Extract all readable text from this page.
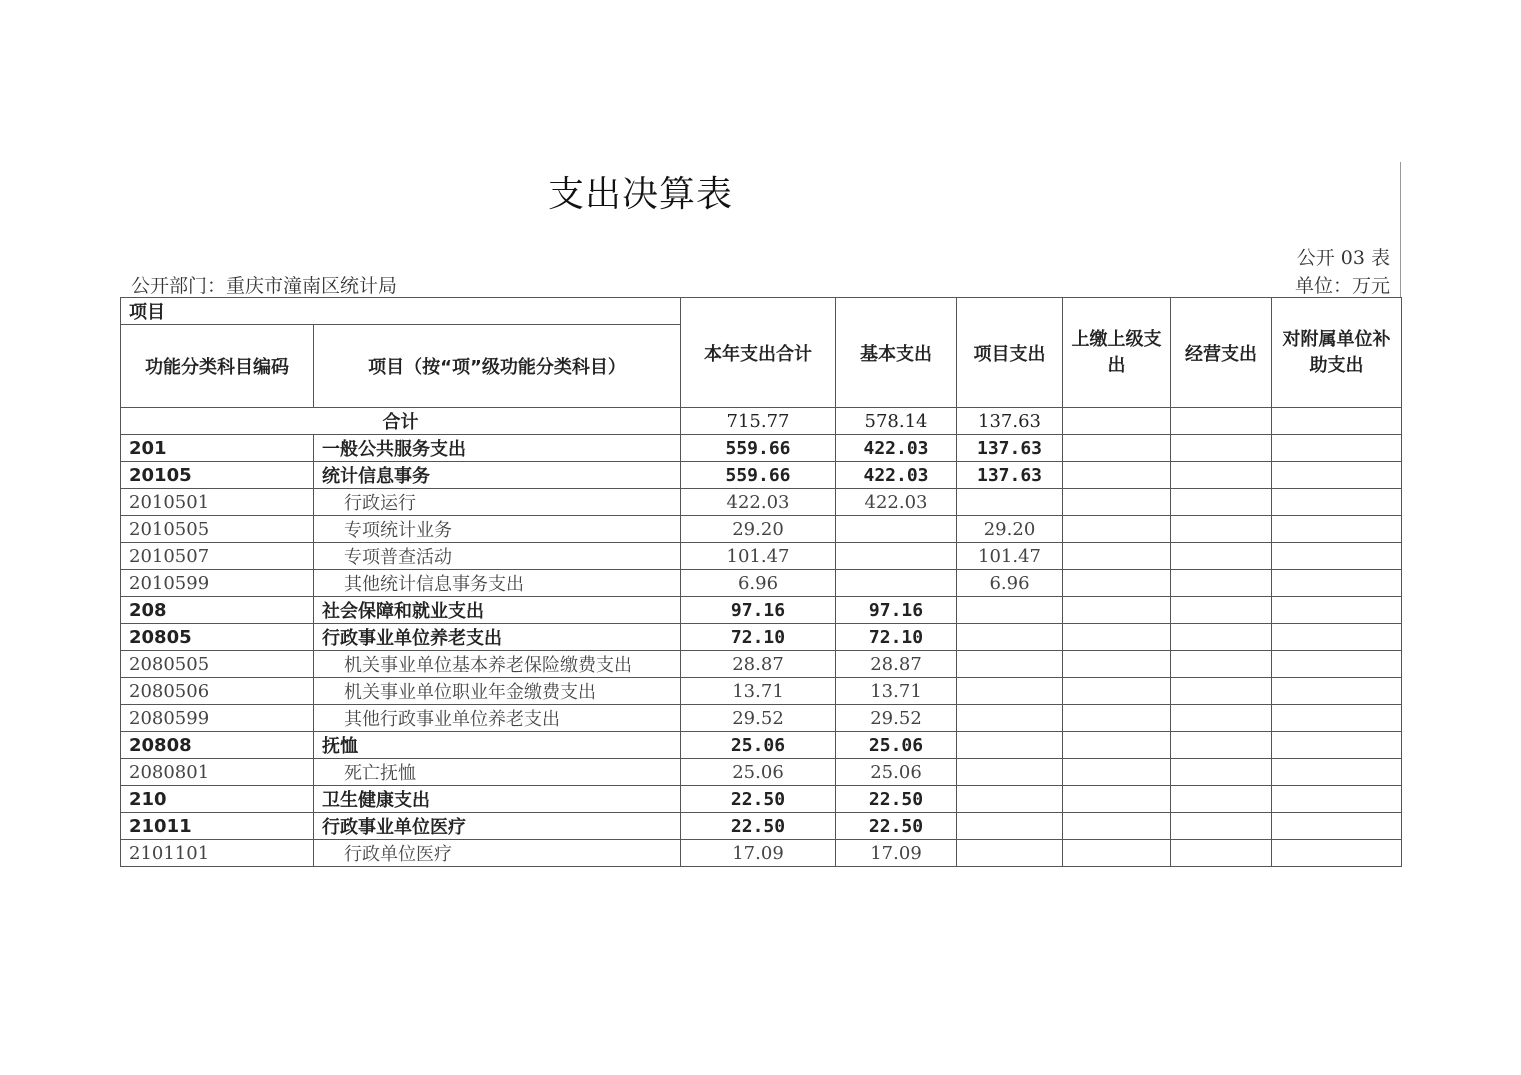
支出决算表
公开 03 表
公开部门：重庆市潼南区统计局	单位：万元
项目		本年支出合计	基本支出	项目支出	上缴上级支出	经营支出	对附属单位补助支出
功能分类科目编码	项目（按“项”级功能分类科目）						
合计		715.77	578.14	137.63			
201	一般公共服务支出	559.66	422.03	137.63			
20105	统计信息事务	559.66	422.03	137.63			
2010501	行政运行	422.03	422.03				
2010505	专项统计业务	29.20		29.20			
2010507	专项普查活动	101.47		101.47			
2010599	其他统计信息事务支出	6.96		6.96			
208	社会保障和就业支出	97.16	97.16				
20805	行政事业单位养老支出	72.10	72.10				
2080505	机关事业单位基本养老保险缴费支出	28.87	28.87				
2080506	机关事业单位职业年金缴费支出	13.71	13.71				
2080599	其他行政事业单位养老支出	29.52	29.52				
20808	抚恤	25.06	25.06				
2080801	死亡抚恤	25.06	25.06				
210	卫生健康支出	22.50	22.50				
21011	行政事业单位医疗	22.50	22.50				
2101101	行政单位医疗	17.09	17.09				
